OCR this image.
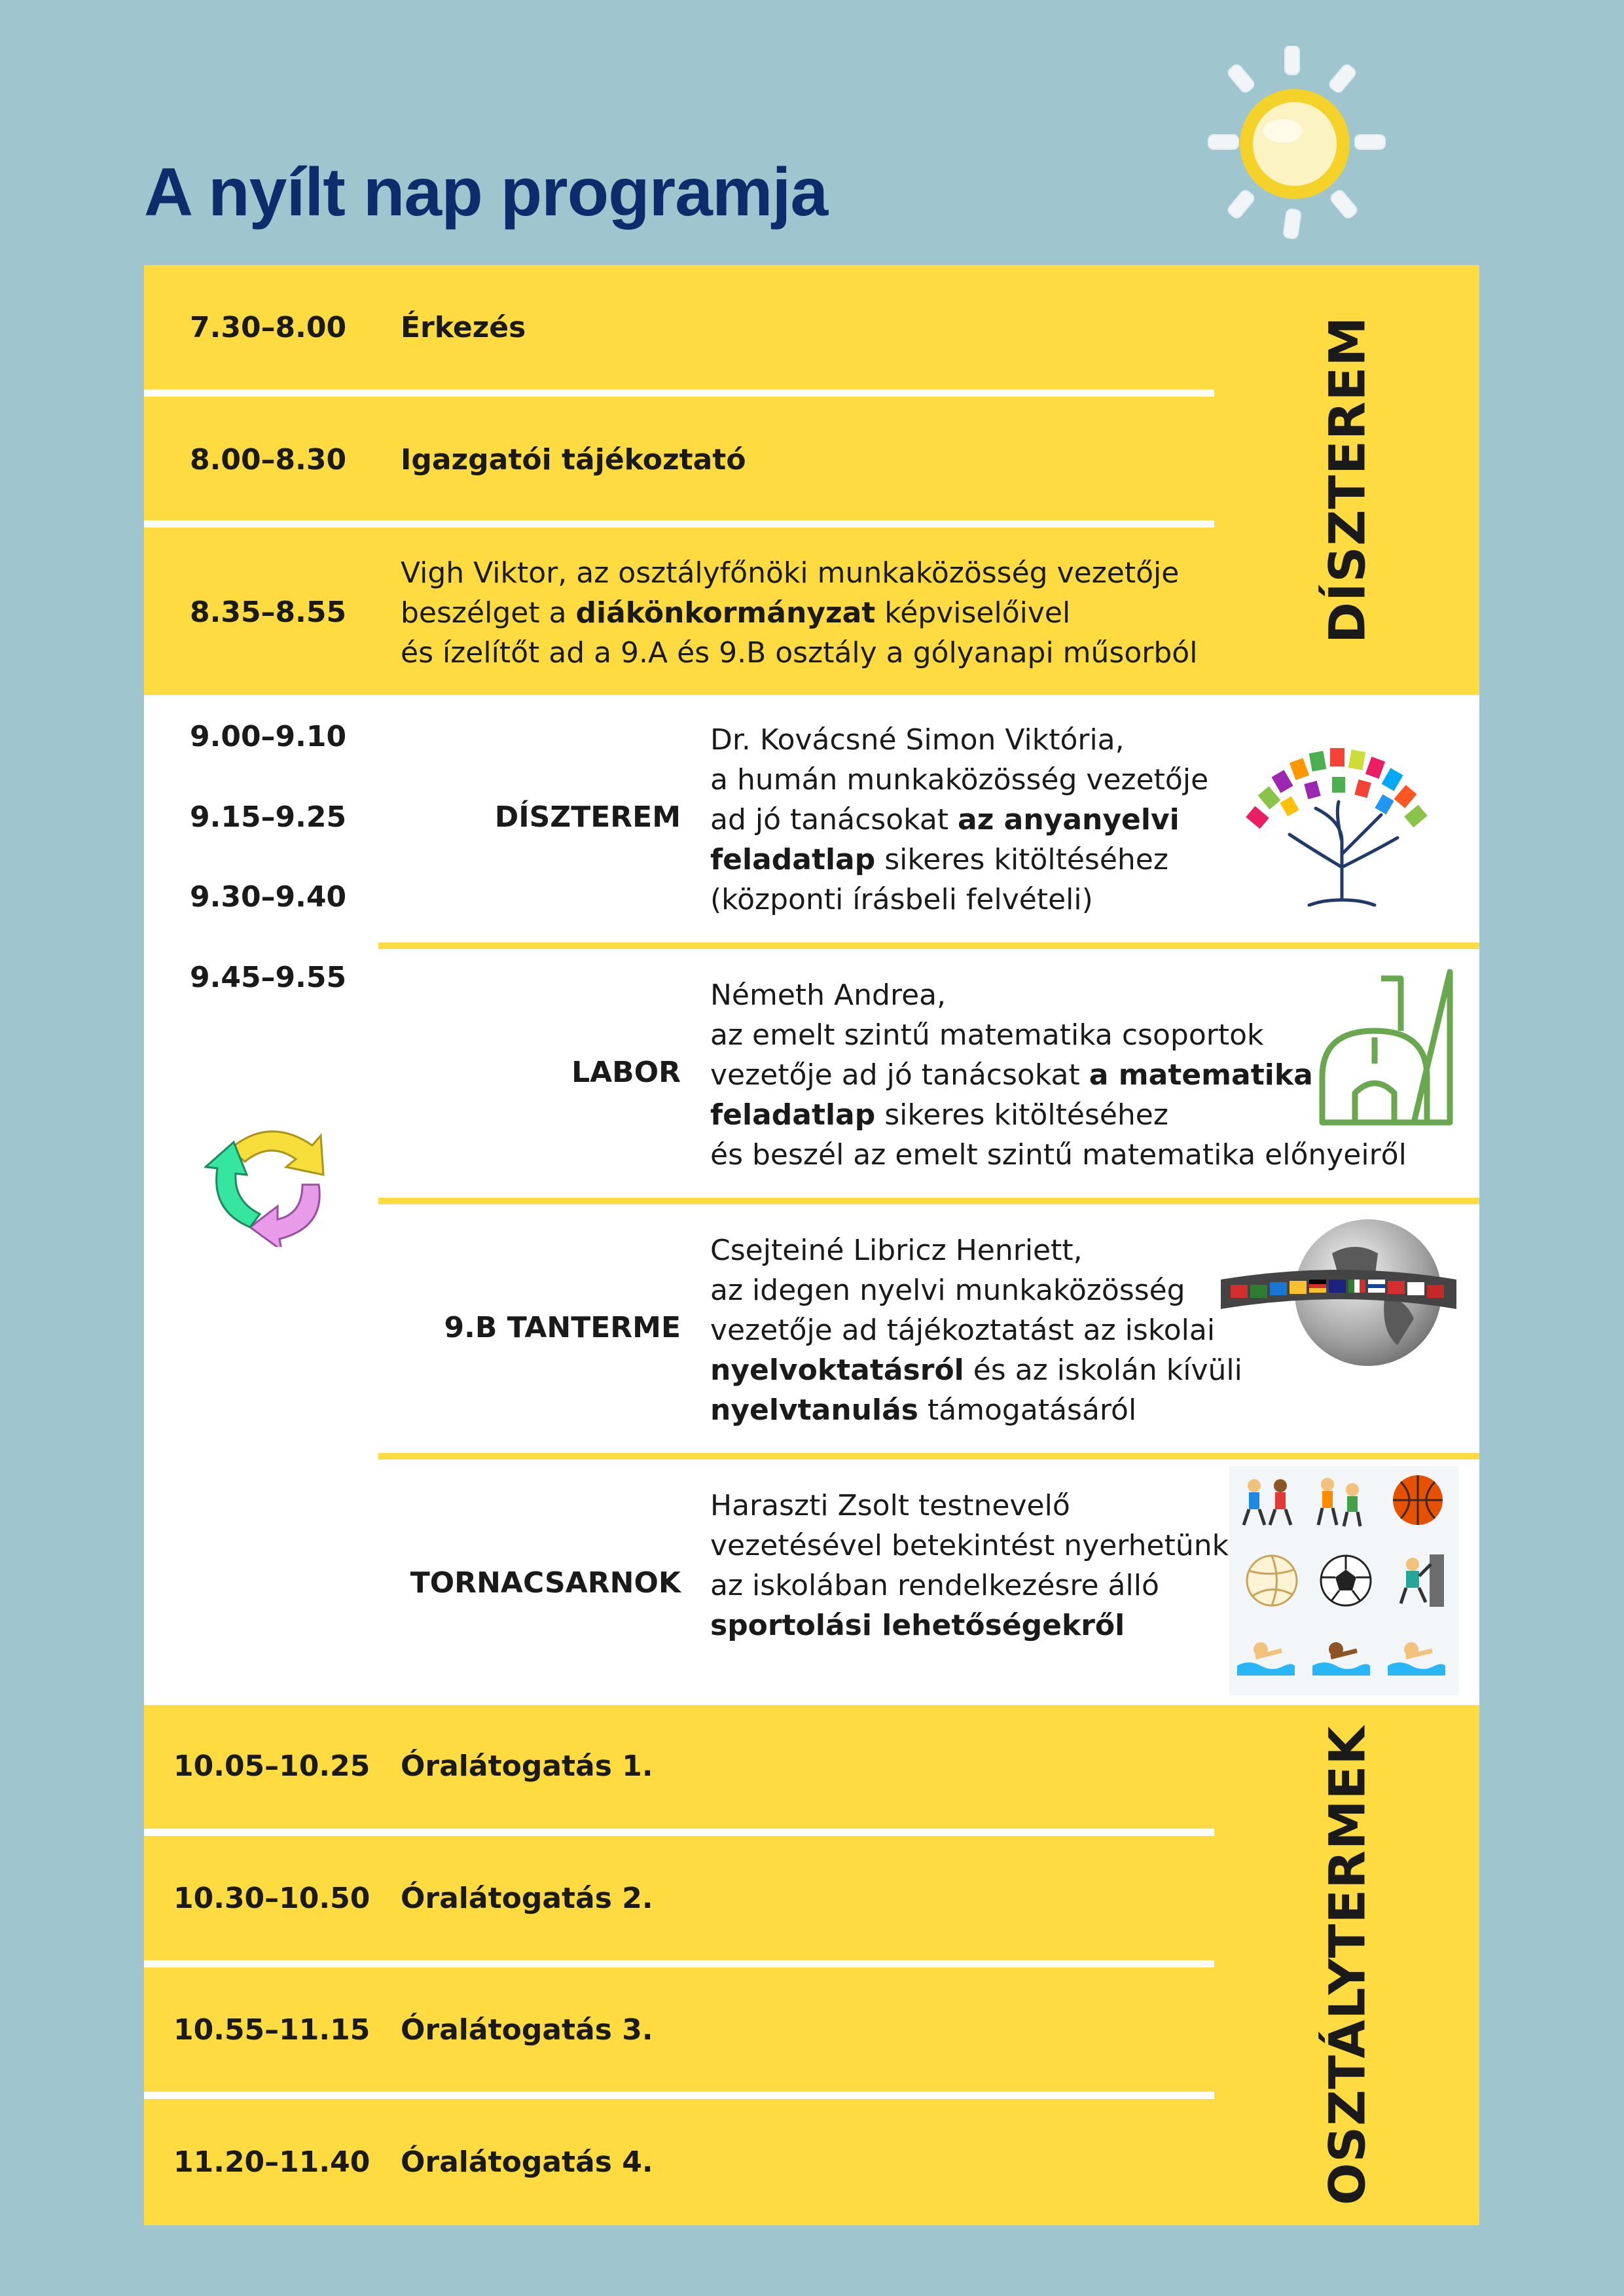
A nyílt nap programja
7.30–8.00 Érkezés
8.00–8.30 Igazgatói tájékoztató
8.35–8.55
Vigh Viktor, az osztályfőnöki munkaközösség vezetője
beszélget a diákönkormányzat képviselőivel
és ízelítőt ad a 9.A és 9.B osztály a gólyanapi műsorból
DÍSZTEREM
9.00–9.10
9.15–9.25
9.30–9.40
9.45–9.55
DÍSZTEREM
Dr. Kovácsné Simon Viktória,
a humán munkaközösség vezetője
ad jó tanácsokat az anyanyelvi
feladatlap sikeres kitöltéséhez
(központi írásbeli felvételi)
LABOR
Németh Andrea,
az emelt szintű matematika csoportok
vezetője ad jó tanácsokat a matematika
feladatlap sikeres kitöltéséhez
és beszél az emelt szintű matematika előnyeiről
9.B TANTERME
Csejteiné Libricz Henriett,
az idegen nyelvi munkaközösség
vezetője ad tájékoztatást az iskolai
nyelvoktatásról és az iskolán kívüli
nyelvtanulás támogatásáról
TORNACSARNOK
Haraszti Zsolt testnevelő
vezetésével betekintést nyerhetünk
az iskolában rendelkezésre álló
sportolási lehetőségekről
10.05–10.25 Óralátogatás 1.
10.30–10.50 Óralátogatás 2.
10.55–11.15 Óralátogatás 3.
11.20–11.40 Óralátogatás 4.	OSZTÁLYTERMEK
